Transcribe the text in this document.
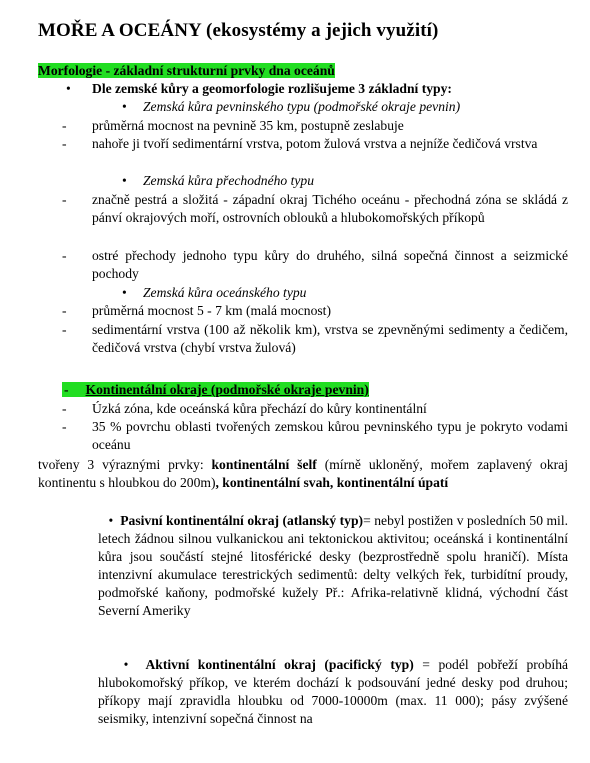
MOŘE A OCEÁNY (ekosystémy a jejich využití)
Morfologie - základní strukturní prvky dna oceánů
• Dle zemské kůry a geomorfologie rozlišujeme 3 základní typy:
• Zemská kůra pevninského typu (podmořské okraje pevnin)
- průměrná mocnost na pevnině 35 km, postupně zeslabuje
- nahoře ji tvoří sedimentární vrstva, potom žulová vrstva a nejníže čedičová vrstva
• Zemská kůra přechodného typu
- značně pestrá a složitá - západní okraj Tichého oceánu - přechodná zóna se skládá z pánví okrajových moří, ostrovních oblouků a hlubokomořských příkopů
- ostré přechody jednoho typu kůry do druhého, silná sopečná činnost a seizmické pochody
• Zemská kůra oceánského typu
- průměrná mocnost 5 - 7 km (malá mocnost)
- sedimentární vrstva (100 až několik km), vrstva se zpevněnými sedimenty a čedičem, čedičová vrstva (chybí vrstva žulová)
-     Kontinentální okraje (podmořské okraje pevnin)
- Úzká zóna, kde oceánská kůra přechází do kůry kontinentální
- 35 % povrchu oblasti tvořených zemskou kůrou pevninského typu je pokryto vodami oceánu
tvořeny 3 výraznými prvky: kontinentální šelf (mírně ukloněný, mořem zaplavený okraj kontinentu s hloubkou do 200m), kontinentální svah, kontinentální úpatí
• Pasivní kontinentální okraj (atlanský typ)= nebyl postižen v posledních 50 mil. letech žádnou silnou vulkanickou ani tektonickou aktivitou; oceánská i kontinentální kůra jsou součástí stejné litosférické desky (bezprostředně spolu hraničí). Místa intenzivní akumulace terestrických sedimentů: delty velkých řek, turbidítní proudy, podmořské kaňony, podmořské kužely Př.: Afrika-relativně klidná, východní část Severní Ameriky
• Aktivní kontinentální okraj (pacifický typ) = podél pobřeží probíhá hlubokomořský příkop, ve kterém dochází k podsouvání jedné desky pod druhou; příkopy mají zpravidla hloubku od 7000-10000m (max. 11 000); pásy zvýšené seismiky, intenzivní sopečná činnost na
